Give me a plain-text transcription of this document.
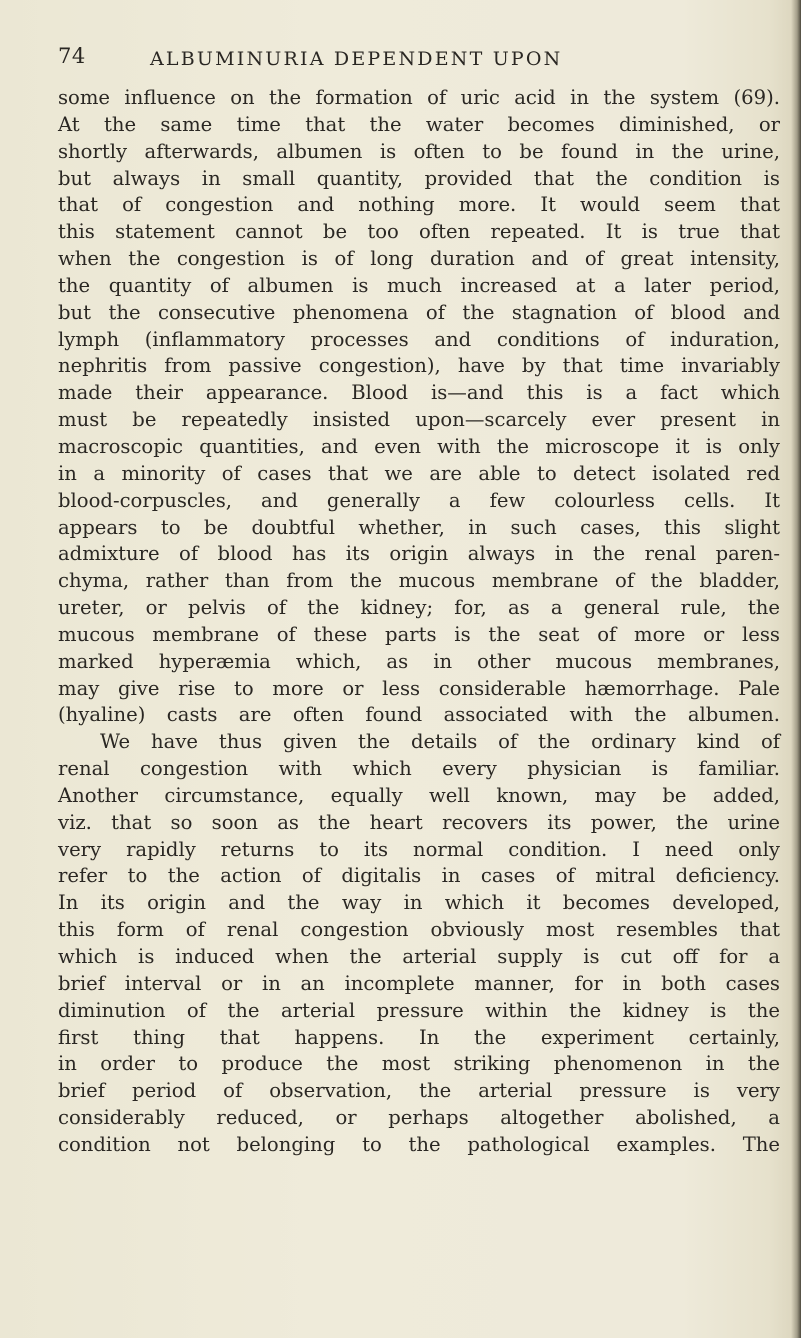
74	ALBUMINURIA DEPENDENT UPON
some influence on the formation of uric acid in the system (69).
At the same time that the water becomes diminished, or
shortly afterwards, albumen is often to be found in the urine,
but always in small quantity, provided that the condition is
that of congestion and nothing more. It would seem that
this statement cannot be too often repeated. It is true that
when the congestion is of long duration and of great intensity,
the quantity of albumen is much increased at a later period,
but the consecutive phenomena of the stagnation of blood and
lymph (inflammatory processes and conditions of induration,
nephritis from passive congestion), have by that time invariably
made their appearance. Blood is—and this is a fact which
must be repeatedly insisted upon—scarcely ever present in
macroscopic quantities, and even with the microscope it is only
in a minority of cases that we are able to detect isolated red
blood-corpuscles, and generally a few colourless cells. It
appears to be doubtful whether, in such cases, this slight
admixture of blood has its origin always in the renal paren-
chyma, rather than from the mucous membrane of the bladder,
ureter, or pelvis of the kidney; for, as a general rule, the
mucous membrane of these parts is the seat of more or less
marked hyperæmia which, as in other mucous membranes,
may give rise to more or less considerable hæmorrhage. Pale
(hyaline) casts are often found associated with the albumen.
We have thus given the details of the ordinary kind of
renal congestion with which every physician is familiar.
Another circumstance, equally well known, may be added,
viz. that so soon as the heart recovers its power, the urine
very rapidly returns to its normal condition. I need only
refer to the action of digitalis in cases of mitral deficiency.
In its origin and the way in which it becomes developed,
this form of renal congestion obviously most resembles that
which is induced when the arterial supply is cut off for a
brief interval or in an incomplete manner, for in both cases
diminution of the arterial pressure within the kidney is the
first thing that happens. In the experiment certainly,
in order to produce the most striking phenomenon in the
brief period of observation, the arterial pressure is very
considerably reduced, or perhaps altogether abolished, a
condition not belonging to the pathological examples. The
